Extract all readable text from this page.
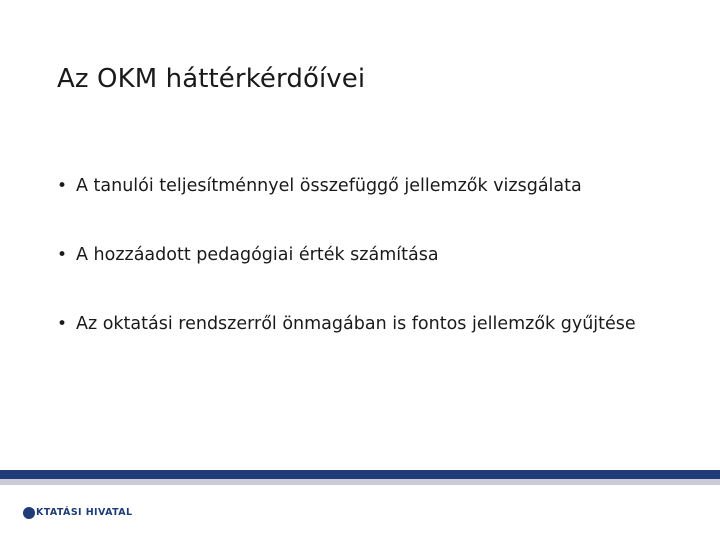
Az OKM háttérkérdőívei
• A tanulói teljesítménnyel összefüggő jellemzők vizsgálata
• A hozzáadott pedagógiai érték számítása
• Az oktatási rendszerről önmagában is fontos jellemzők gyűjtése
KTATÁSI HIVATAL
